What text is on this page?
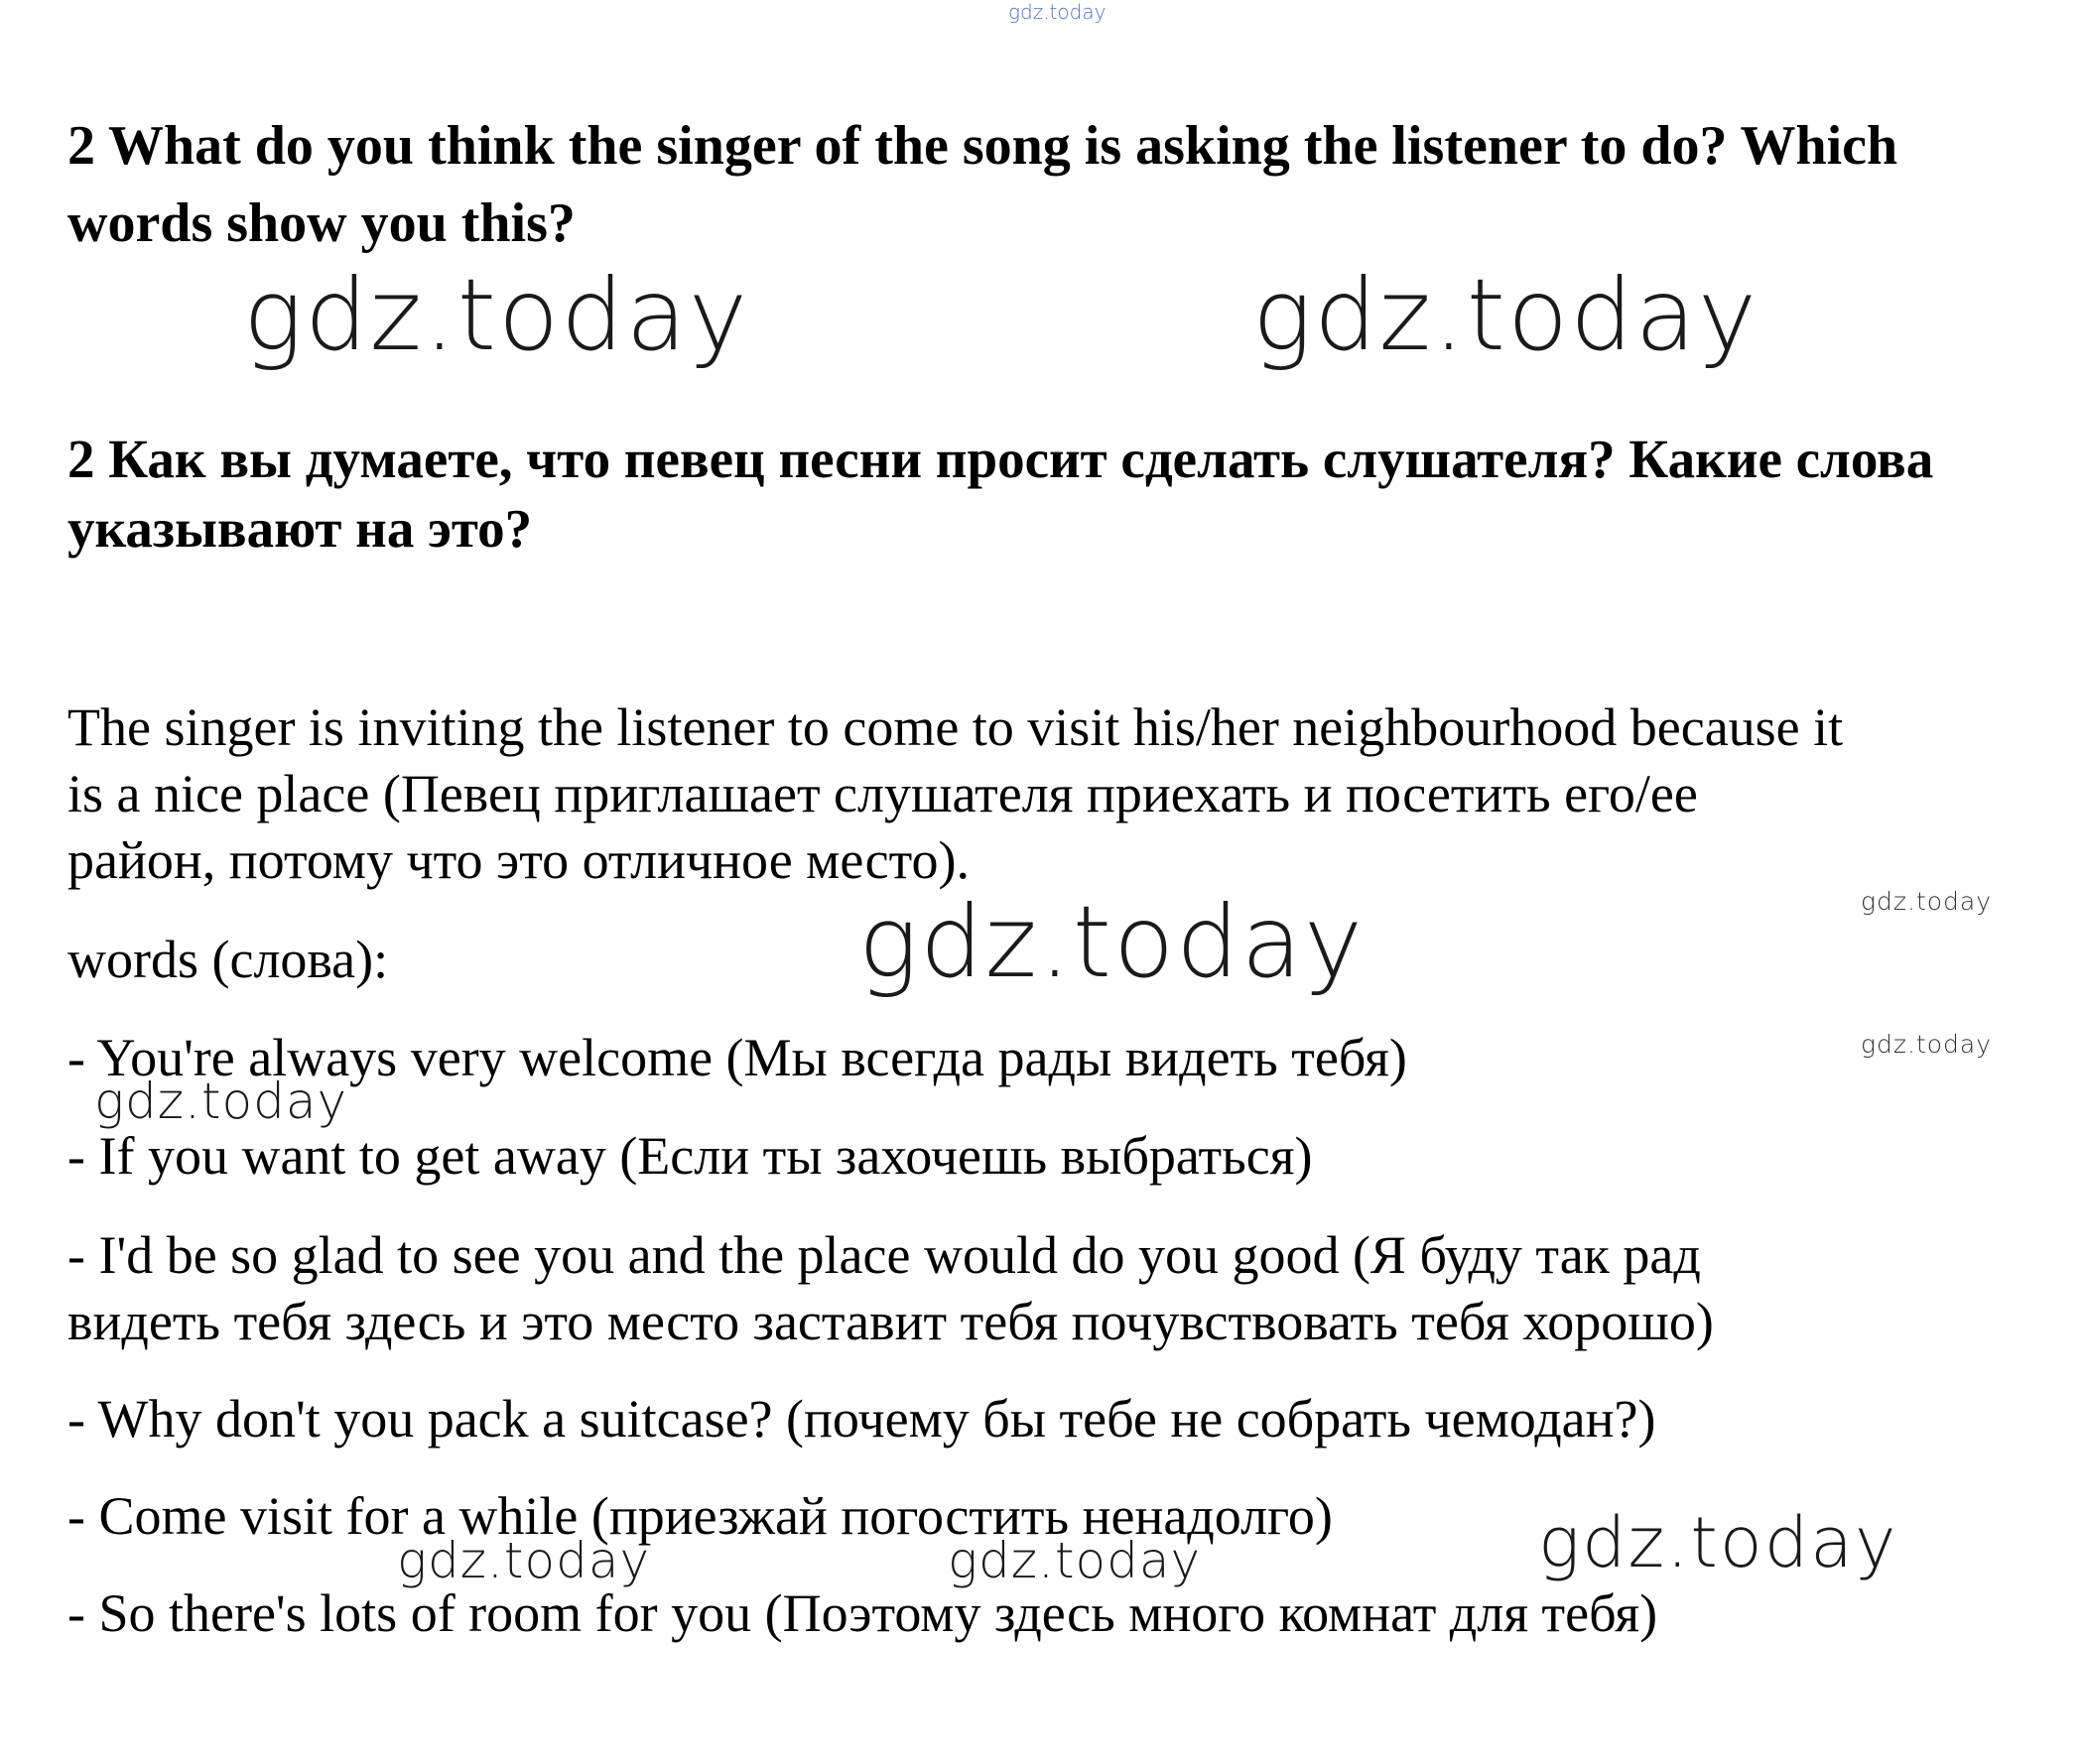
gdz.today

2 What do you think the singer of the song is asking the listener to do? Which words show you this?

gdz.today	gdz.today

2 Как вы думаете, что певец песни просит сделать слушателя? Какие слова указывают на это?

The singer is inviting the listener to come to visit his/her neighbourhood because it

is a nice place (Певец приглашает слушателя приехать и посетить его/ее

район, потому что это отличное место).

gdz.today
gdz.today

words (слова):	gdz.today

- You're always very welcome (Мы всегда рады видеть тебя)

gdz.today

- If you want to get away (Если ты захочешь выбраться)

- I'd be so glad to see you and the place would do you good (Я буду так рад

видеть тебя здесь и это место заставит тебя почувствовать тебя хорошо)

- Why don't you pack a suitcase? (почему бы тебе не собрать чемодан?)

- Come visit for a while (приезжай погостить ненадолго)	gdz.today
gdz.today	gdz.today

- So there's lots of room for you (Поэтому здесь много комнат для тебя)
